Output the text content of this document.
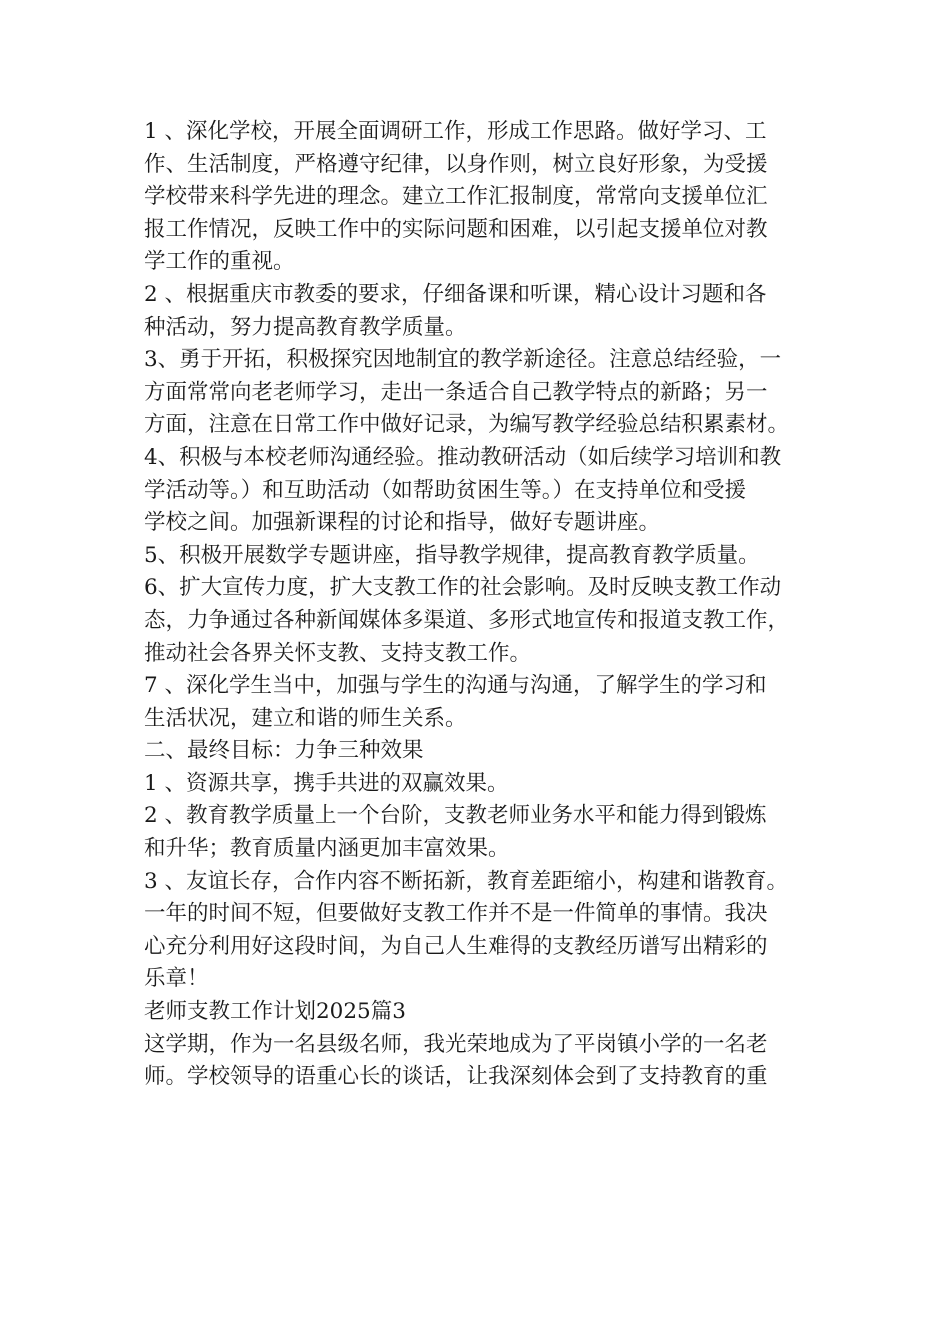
1 、深化学校，开展全面调研工作，形成工作思路。做好学习、工
作、生活制度，严格遵守纪律，以身作则，树立良好形象，为受援
学校带来科学先进的理念。建立工作汇报制度，常常向支援单位汇
报工作情况，反映工作中的实际问题和困难，以引起支援单位对教
学工作的重视。
2 、根据重庆市教委的要求，仔细备课和听课，精心设计习题和各
种活动，努力提高教育教学质量。
3、勇于开拓，积极探究因地制宜的教学新途径。注意总结经验，一
方面常常向老老师学习，走出一条适合自己教学特点的新路；另一
方面，注意在日常工作中做好记录，为编写教学经验总结积累素材。
4、积极与本校老师沟通经验。推动教研活动（如后续学习培训和教
学活动等。）和互助活动（如帮助贫困生等。）在支持单位和受援
学校之间。加强新课程的讨论和指导，做好专题讲座。
5、积极开展数学专题讲座，指导教学规律，提高教育教学质量。
6、扩大宣传力度，扩大支教工作的社会影响。及时反映支教工作动
态，力争通过各种新闻媒体多渠道、多形式地宣传和报道支教工作，
推动社会各界关怀支教、支持支教工作。
7 、深化学生当中，加强与学生的沟通与沟通，了解学生的学习和
生活状况，建立和谐的师生关系。
二、最终目标：力争三种效果
1 、资源共享，携手共进的双赢效果。
2 、教育教学质量上一个台阶，支教老师业务水平和能力得到锻炼
和升华；教育质量内涵更加丰富效果。
3 、友谊长存，合作内容不断拓新，教育差距缩小，构建和谐教育。
一年的时间不短，但要做好支教工作并不是一件简单的事情。我决
心充分利用好这段时间，为自己人生难得的支教经历谱写出精彩的
乐章！
老师支教工作计划2025篇3
这学期，作为一名县级名师，我光荣地成为了平岗镇小学的一名老
师。学校领导的语重心长的谈话，让我深刻体会到了支持教育的重
